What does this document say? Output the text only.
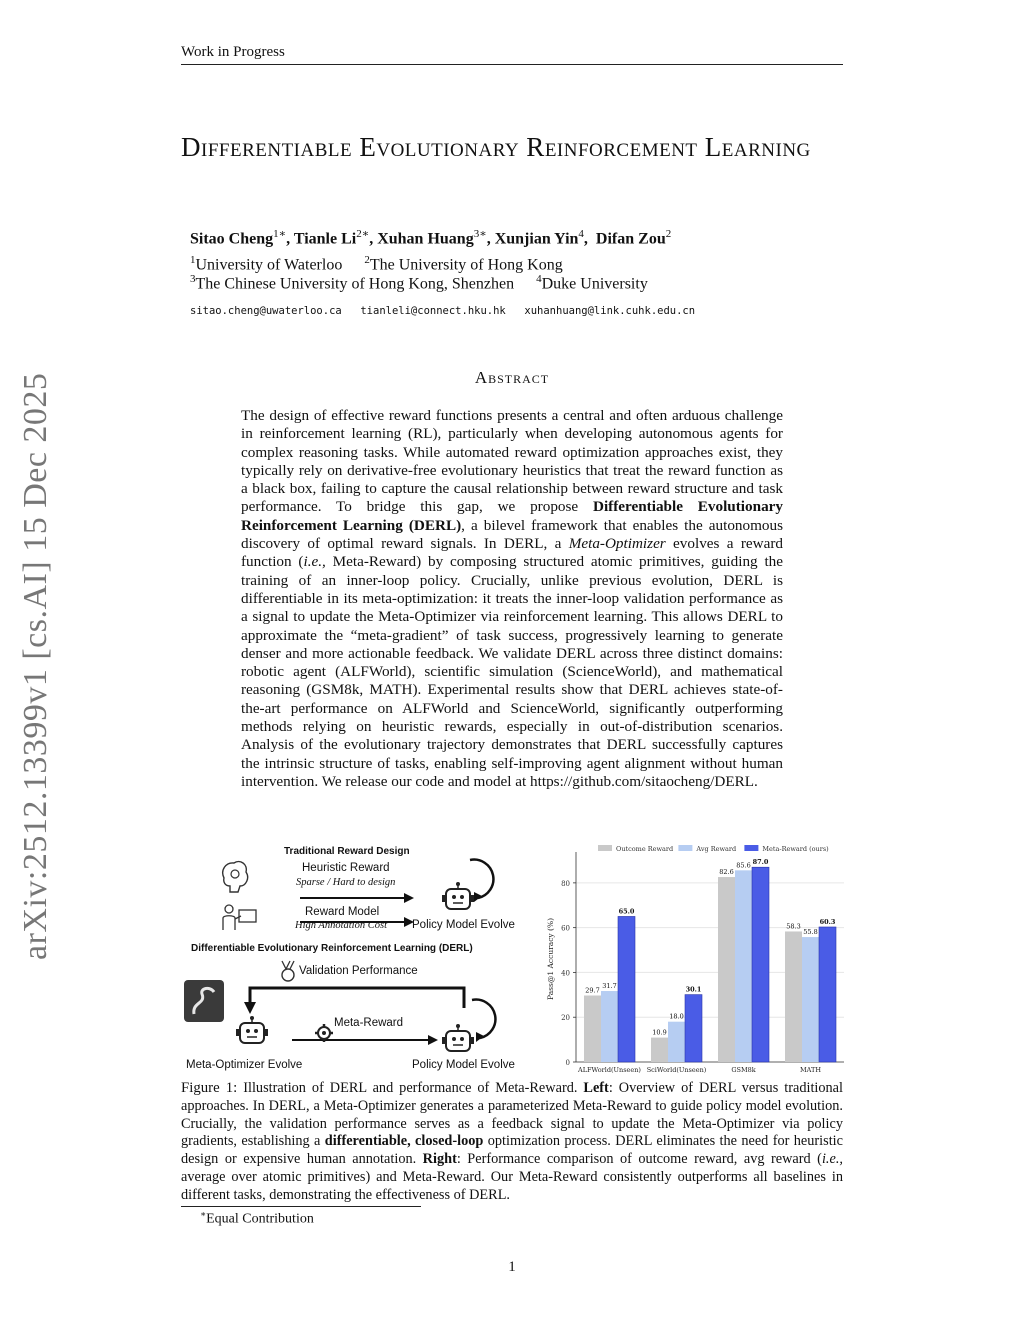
Work in Progress
Differentiable Evolutionary Reinforcement Learning
Sitao Cheng$^{1∗}$, Tianle $Li^{2∗}$, Xuhan Huang$^{3∗}$, Xunjian Yin$^4$,  Difan Zou$^2$
$^1$University of Waterloo $^2$The University of Hong Kong
$^3$The Chinese University of Hong Kong, Shenzhen $^4$Duke University
sitao.cheng@uwaterloo.ca  tianleli@connect.hku.hk  xuhanhuang@link.cuhk.edu.cn
Abstract
The design of effective reward functions presents a central and often arduous challenge in reinforcement learning (RL), particularly when developing autonomous agents for complex reasoning tasks. While automated reward optimization approaches exist, they typically rely on derivative-free evolutionary heuristics that treat the reward function as a black box, failing to capture the causal relationship between reward structure and task performance. To bridge this gap, we propose Differentiable Evolutionary Reinforcement Learning (DERL), a bilevel framework that enables the autonomous discovery of optimal reward signals. In DERL, a Meta-Optimizer evolves a reward function (i.e., Meta-Reward) by composing structured atomic primitives, guiding the training of an inner-loop policy. Crucially, unlike previous evolution, DERL is differentiable in its meta-optimization: it treats the inner-loop validation performance as a signal to update the Meta-Optimizer via reinforcement learning. This allows DERL to approximate the “meta-gradient” of task success, progressively learning to generate denser and more actionable feedback. We validate DERL across three distinct domains: robotic agent (ALFWorld), scientific simulation (ScienceWorld), and mathematical reasoning (GSM8k, MATH). Experimental results show that DERL achieves state-of-the-art performance on ALFWorld and ScienceWorld, significantly outperforming methods relying on heuristic rewards, especially in out-of-distribution scenarios. Analysis of the evolutionary trajectory demonstrates that DERL successfully captures the intrinsic structure of tasks, enabling self-improving agent alignment without human intervention. We release our code and model at https://github.com/sitaocheng/DERL.
arXiv:2512.13399v1 [cs.AI] 15 Dec 2025	Traditional Reward Design
Heuristic Reward
Sparse / Hard to design
Reward Model
High Annotation Cost Policy Model Evolve
Differentiable Evolutionary Reinforcement Learning (DERL)
Validation Performance
Meta-Reward
Meta-Optimizer Evolve	Policy Model Evolve	0
20
40
60
80
Pass@1 Accuracy (%)	29.7
31.7
65.0
ALFWorld(Unseen)
10.9
18.0
30.1
SciWorld(Unseen)
82.6
85.6 87.0
GSM8k
58.3
55.8
60.3
MATH
Outcome Reward	Avg Reward	Meta-Reward (ours)
Figure 1: Illustration of DERL and performance of Meta-Reward. Left: Overview of DERL versus traditional approaches. In DERL, a Meta-Optimizer generates a parameterized Meta-Reward to guide policy model evolution. Crucially, the validation performance serves as a feedback signal to update the Meta-Optimizer via policy gradients, establishing a differentiable, closed-loop optimization process. DERL eliminates the need for heuristic design or expensive human annotation. Right: Performance comparison of outcome reward, avg reward (i.e., average over atomic primitives) and Meta-Reward. Our Meta-Reward consistently outperforms all baselines in different tasks, demonstrating the effectiveness of DERL.
∗Equal Contribution
1
